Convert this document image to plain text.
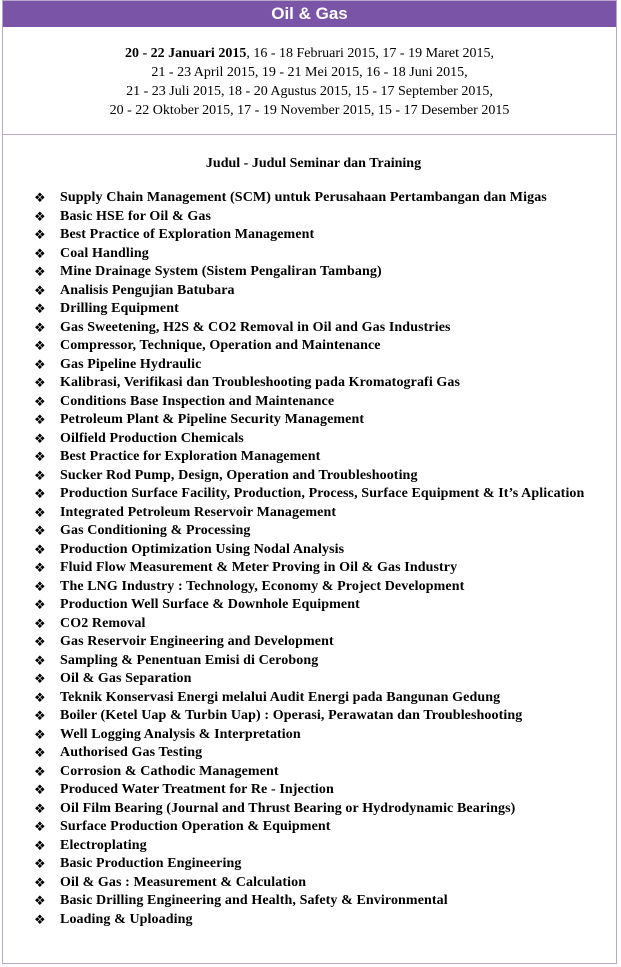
Oil & Gas
20 - 22 Januari 2015, 16 - 18 Februari 2015, 17 - 19 Maret 2015,
21 - 23 April 2015, 19 - 21 Mei 2015, 16 - 18 Juni 2015,
21 - 23 Juli 2015, 18 - 20 Agustus 2015, 15 - 17 September 2015,
20 - 22 Oktober 2015, 17 - 19 November 2015, 15 - 17 Desember 2015
Judul - Judul Seminar dan Training
❖ Supply Chain Management (SCM) untuk Perusahaan Pertambangan dan Migas
❖ Basic HSE for Oil & Gas
❖ Best Practice of Exploration Management
❖ Coal Handling
❖ Mine Drainage System (Sistem Pengaliran Tambang)
❖ Analisis Pengujian Batubara
❖ Drilling Equipment
❖ Gas Sweetening, H2S & CO2 Removal in Oil and Gas Industries
❖ Compressor, Technique, Operation and Maintenance
❖ Gas Pipeline Hydraulic
❖ Kalibrasi, Verifikasi dan Troubleshooting pada Kromatografi Gas
❖ Conditions Base Inspection and Maintenance
❖ Petroleum Plant & Pipeline Security Management
❖ Oilfield Production Chemicals
❖ Best Practice for Exploration Management
❖ Sucker Rod Pump, Design, Operation and Troubleshooting
❖ Production Surface Facility, Production, Process, Surface Equipment & It’s Aplication
❖ Integrated Petroleum Reservoir Management
❖ Gas Conditioning & Processing
❖ Production Optimization Using Nodal Analysis
❖ Fluid Flow Measurement & Meter Proving in Oil & Gas Industry
❖ The LNG Industry : Technology, Economy & Project Development
❖ Production Well Surface & Downhole Equipment
❖ CO2 Removal
❖ Gas Reservoir Engineering and Development
❖ Sampling & Penentuan Emisi di Cerobong
❖ Oil & Gas Separation
❖ Teknik Konservasi Energi melalui Audit Energi pada Bangunan Gedung
❖ Boiler (Ketel Uap & Turbin Uap) : Operasi, Perawatan dan Troubleshooting
❖ Well Logging Analysis & Interpretation
❖ Authorised Gas Testing
❖ Corrosion & Cathodic Management
❖ Produced Water Treatment for Re - Injection
❖ Oil Film Bearing (Journal and Thrust Bearing or Hydrodynamic Bearings)
❖ Surface Production Operation & Equipment
❖ Electroplating
❖ Basic Production Engineering
❖ Oil & Gas : Measurement & Calculation
❖ Basic Drilling Engineering and Health, Safety & Environmental
❖ Loading & Uploading
